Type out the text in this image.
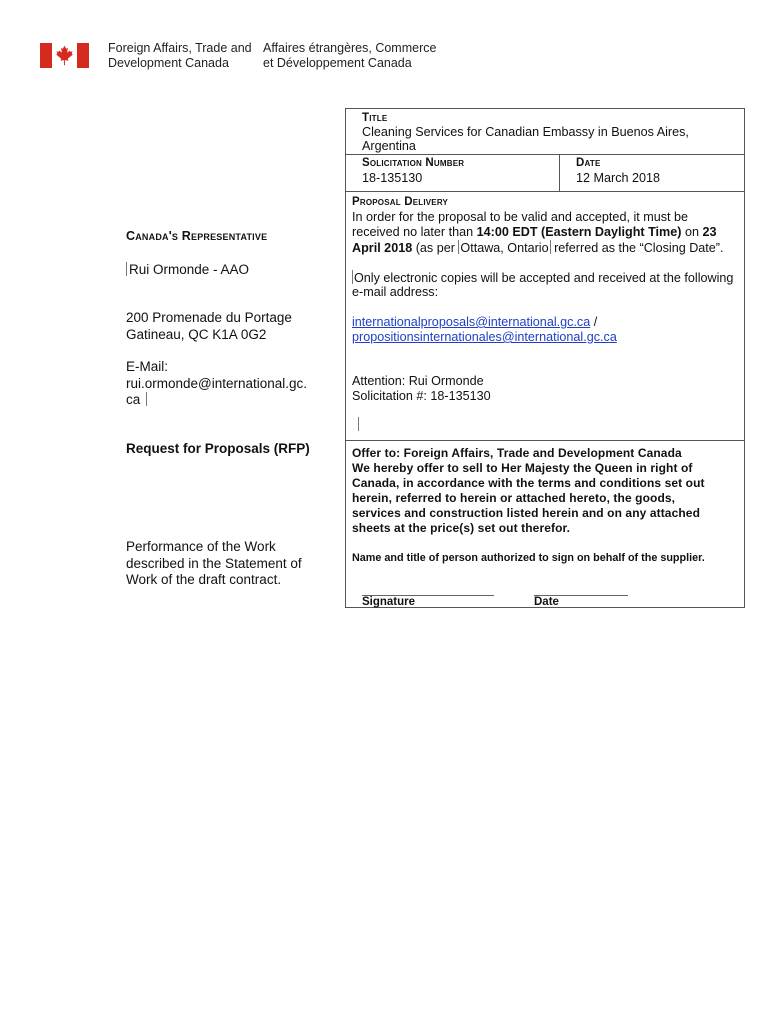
Foreign Affairs, Trade and
Development Canada
Affaires étrangères, Commerce
et Développement Canada
Canada's Representative
Rui Ormonde - AAO
200 Promenade du Portage
Gatineau, QC K1A 0G2
E-Mail:
rui.ormonde@international.gc.
ca
Request for Proposals (RFP)
Performance of the Work
described in the Statement of
Work of the draft contract.
Title
Cleaning Services for Canadian Embassy in Buenos Aires,
Argentina
Solicitation Number
18-135130
Date
12 March 2018
Proposal Delivery
In order for the proposal to be valid and accepted, it must be
received no later than 14:00 EDT (Eastern Daylight Time) on 23
April 2018 (as per Ottawa, Ontario referred as the “Closing Date”.
Only electronic copies will be accepted and received at the following
e-mail address:
internationalproposals@international.gc.ca /
propositionsinternationales@international.gc.ca
Attention: Rui Ormonde
Solicitation #: 18-135130
Offer to: Foreign Affairs, Trade and Development Canada
We hereby offer to sell to Her Majesty the Queen in right of
Canada, in accordance with the terms and conditions set out
herein, referred to herein or attached hereto, the goods,
services and construction listed herein and on any attached
sheets at the price(s) set out therefor.
Name and title of person authorized to sign on behalf of the supplier.
Signature	Date
